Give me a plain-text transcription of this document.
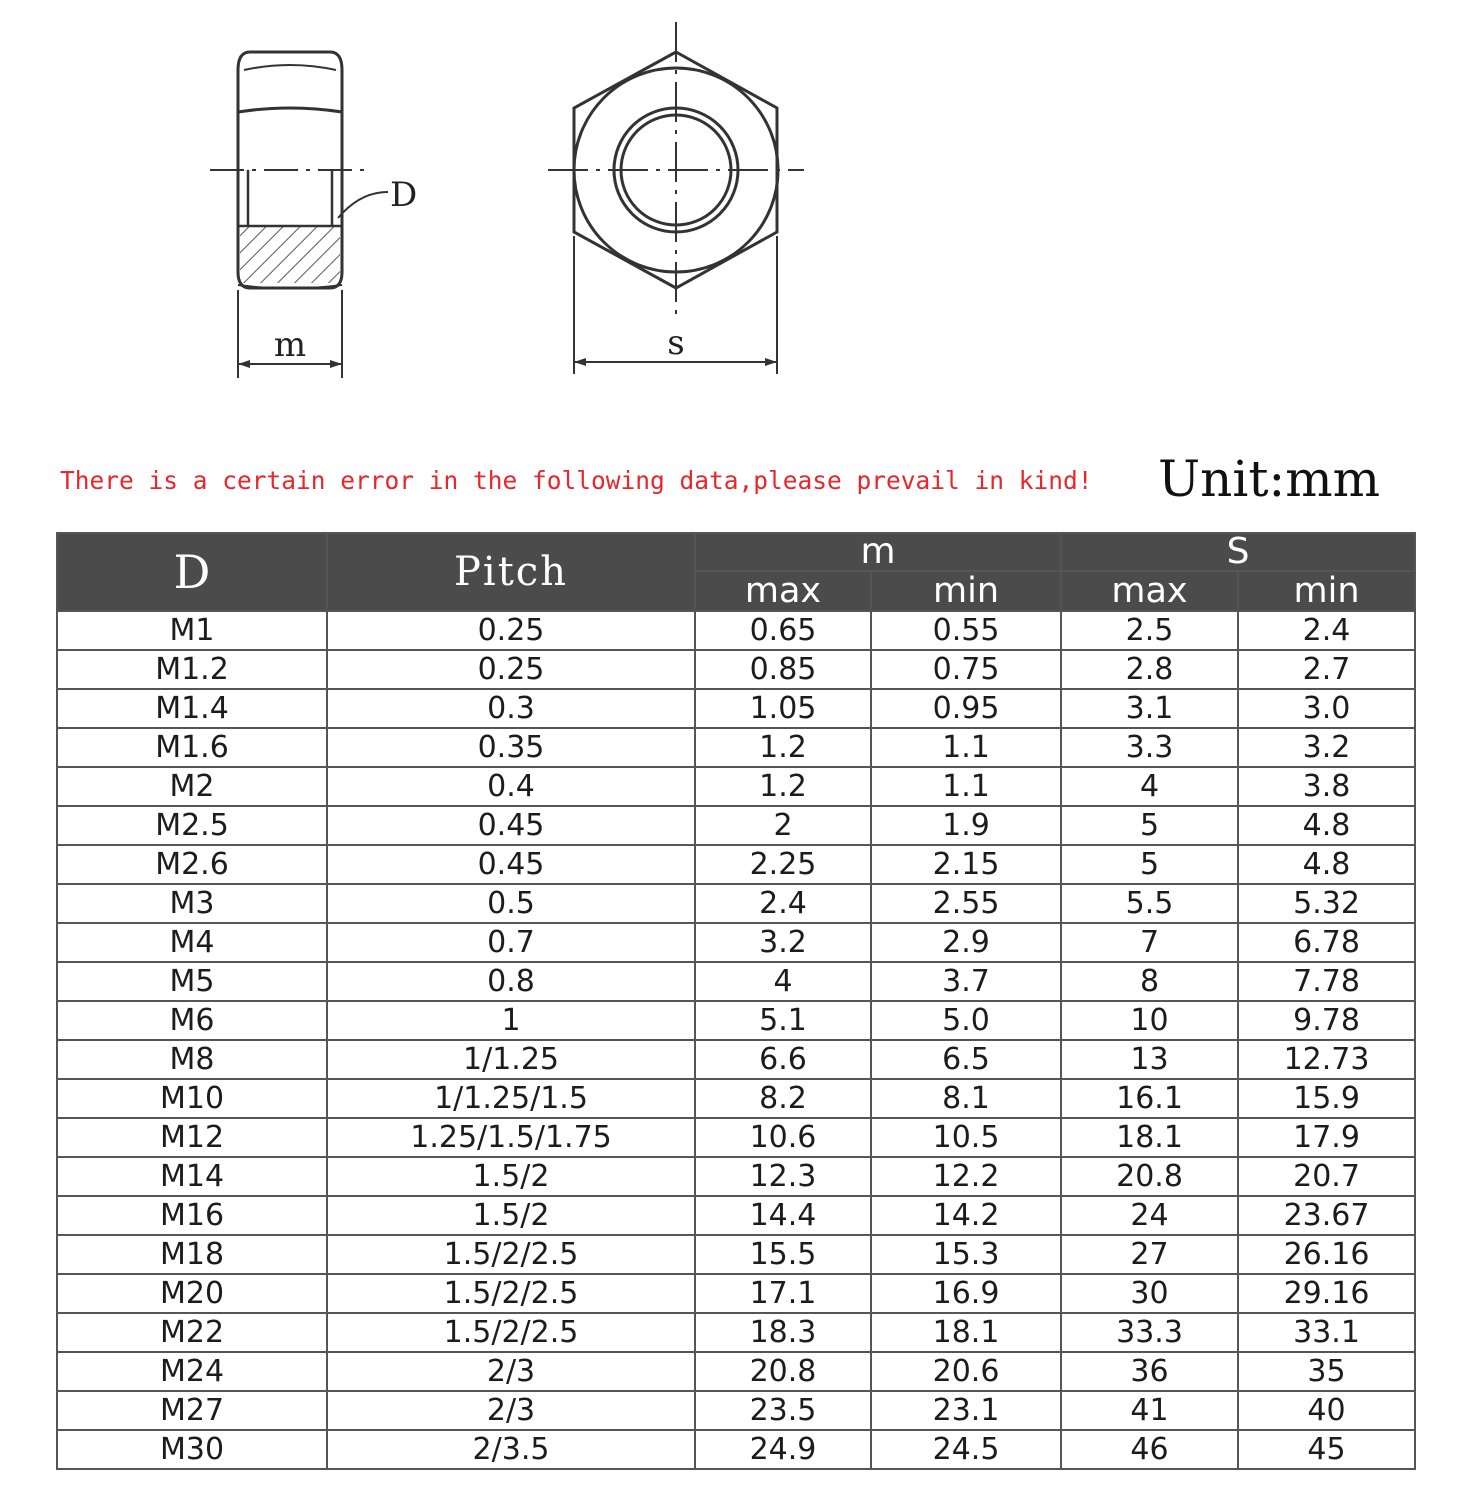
m
D
s
There is a certain error in the following data,please prevail in kind! Unit:mm
D	Pitch	m		S	
		max	min	max	min
M1	0.25	0.65	0.55	2.5	2.4
M1.2	0.25	0.85	0.75	2.8	2.7
M1.4	0.3	1.05	0.95	3.1	3.0
M1.6	0.35	1.2	1.1	3.3	3.2
M2	0.4	1.2	1.1	4	3.8
M2.5	0.45	2	1.9	5	4.8
M2.6	0.45	2.25	2.15	5	4.8
M3	0.5	2.4	2.55	5.5	5.32
M4	0.7	3.2	2.9	7	6.78
M5	0.8	4	3.7	8	7.78
M6	1	5.1	5.0	10	9.78
M8	1/1.25	6.6	6.5	13	12.73
M10	1/1.25/1.5	8.2	8.1	16.1	15.9
M12	1.25/1.5/1.75	10.6	10.5	18.1	17.9
M14	1.5/2	12.3	12.2	20.8	20.7
M16	1.5/2	14.4	14.2	24	23.67
M18	1.5/2/2.5	15.5	15.3	27	26.16
M20	1.5/2/2.5	17.1	16.9	30	29.16
M22	1.5/2/2.5	18.3	18.1	33.3	33.1
M24	2/3	20.8	20.6	36	35
M27	2/3	23.5	23.1	41	40
M30	2/3.5	24.9	24.5	46	45
